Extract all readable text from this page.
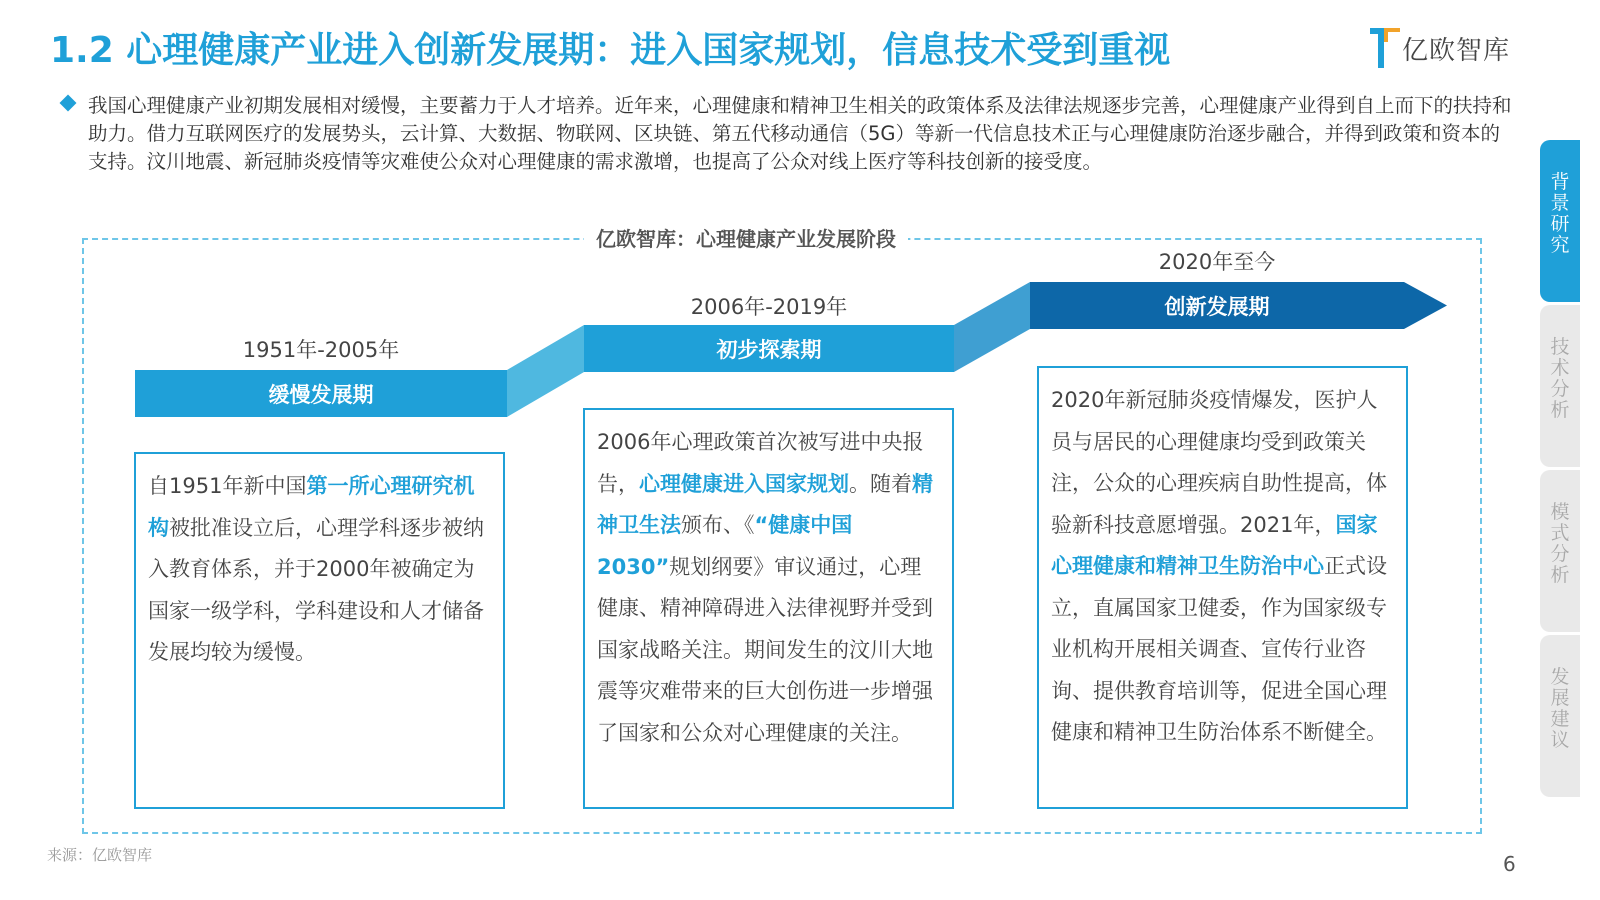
1.2 心理健康产业进入创新发展期：进入国家规划，信息技术受到重视	亿欧智库

我国心理健康产业初期发展相对缓慢，主要蓄力于人才培养。近年来，心理健康和精神卫生相关的政策体系及法律法规逐步完善，心理健康产业得到自上而下的扶持和助力。借力互联网医疗的发展势头，云计算、大数据、物联网、区块链、第五代移动通信（5G）等新一代信息技术正与心理健康防治逐步融合，并得到政策和资本的支持。汶川地震、新冠肺炎疫情等灾难使公众对心理健康的需求激增，也提高了公众对线上医疗等科技创新的接受度。

亿欧智库：心理健康产业发展阶段
缓慢发展期
初步探索期
创新发展期
1951年-2005年
2006年-2019年
2020年至今

自1951年新中国第一所心理研究机构被批准设立后，心理学科逐步被纳入教育体系，并于2000年被确定为国家一级学科，学科建设和人才储备发展均较为缓慢。

2006年心理政策首次被写进中央报告，心理健康进入国家规划。随着精神卫生法颁布、《“健康中国2030”规划纲要》审议通过，心理健康、精神障碍进入法律视野并受到国家战略关注。期间发生的汶川大地震等灾难带来的巨大创伤进一步增强了国家和公众对心理健康的关注。

2020年新冠肺炎疫情爆发，医护人员与居民的心理健康均受到政策关注，公众的心理疾病自助性提高，体验新科技意愿增强。2021年，国家心理健康和精神卫生防治中心正式设立，直属国家卫健委，作为国家级专业机构开展相关调查、宣传行业咨询、提供教育培训等，促进全国心理健康和精神卫生防治体系不断健全。

背景研究
技术分析
模式分析
发展建议
来源：亿欧智库	6
